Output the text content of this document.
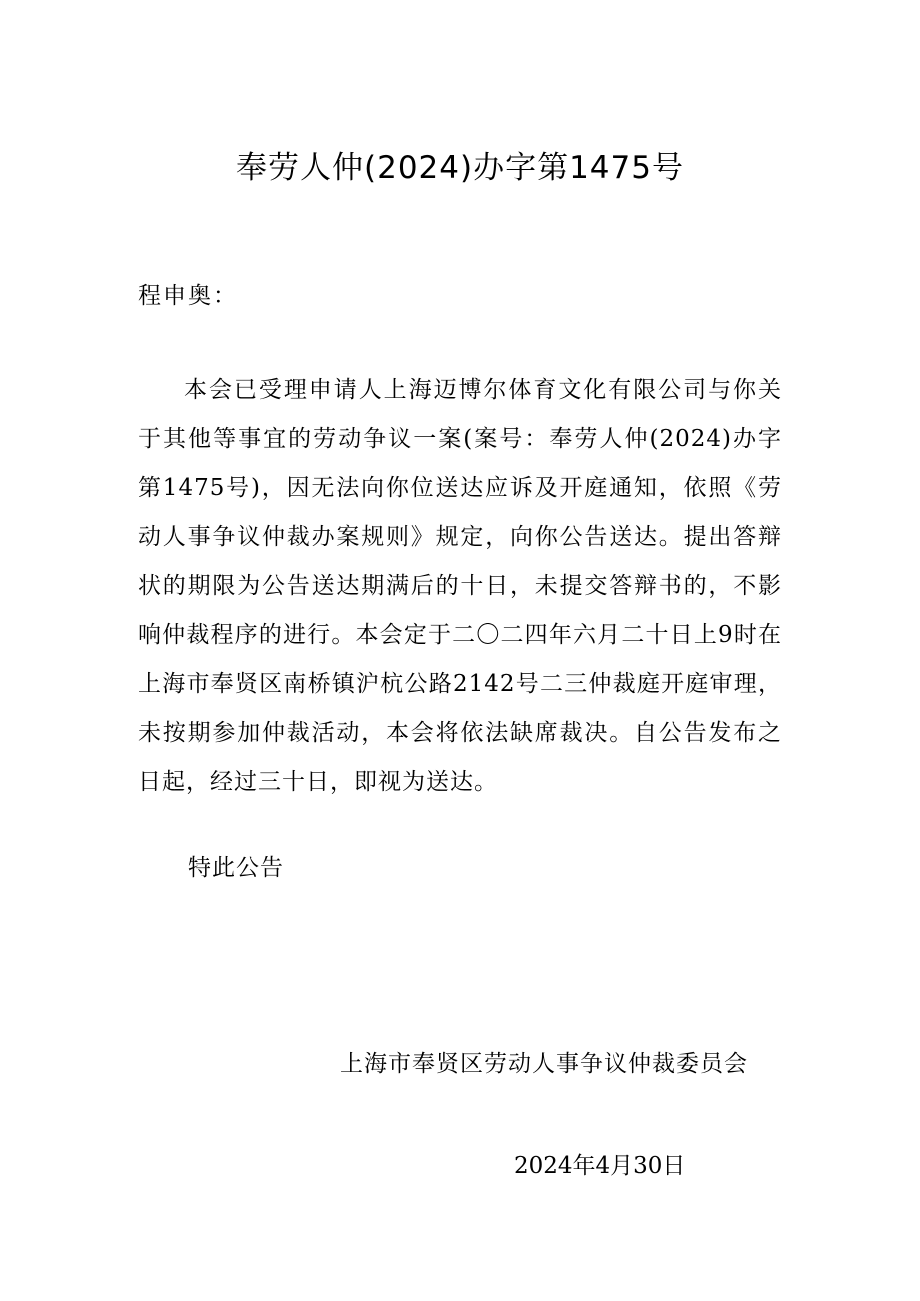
奉劳人仲(2024)办字第1475号
程申奥：

本会已受理申请人上海迈博尔体育文化有限公司与你关于其他等事宜的劳动争议一案(案号：奉劳人仲(2024)办字第1475号)，因无法向你位送达应诉及开庭通知，依照《劳动人事争议仲裁办案规则》规定，向你公告送达。提出答辩状的期限为公告送达期满后的十日，未提交答辩书的，不影响仲裁程序的进行。本会定于二〇二四年六月二十日上9时在上海市奉贤区南桥镇沪杭公路2142号二三仲裁庭开庭审理，未按期参加仲裁活动，本会将依法缺席裁决。自公告发布之日起，经过三十日，即视为送达。

特此公告
上海市奉贤区劳动人事争议仲裁委员会
2024年4月30日
